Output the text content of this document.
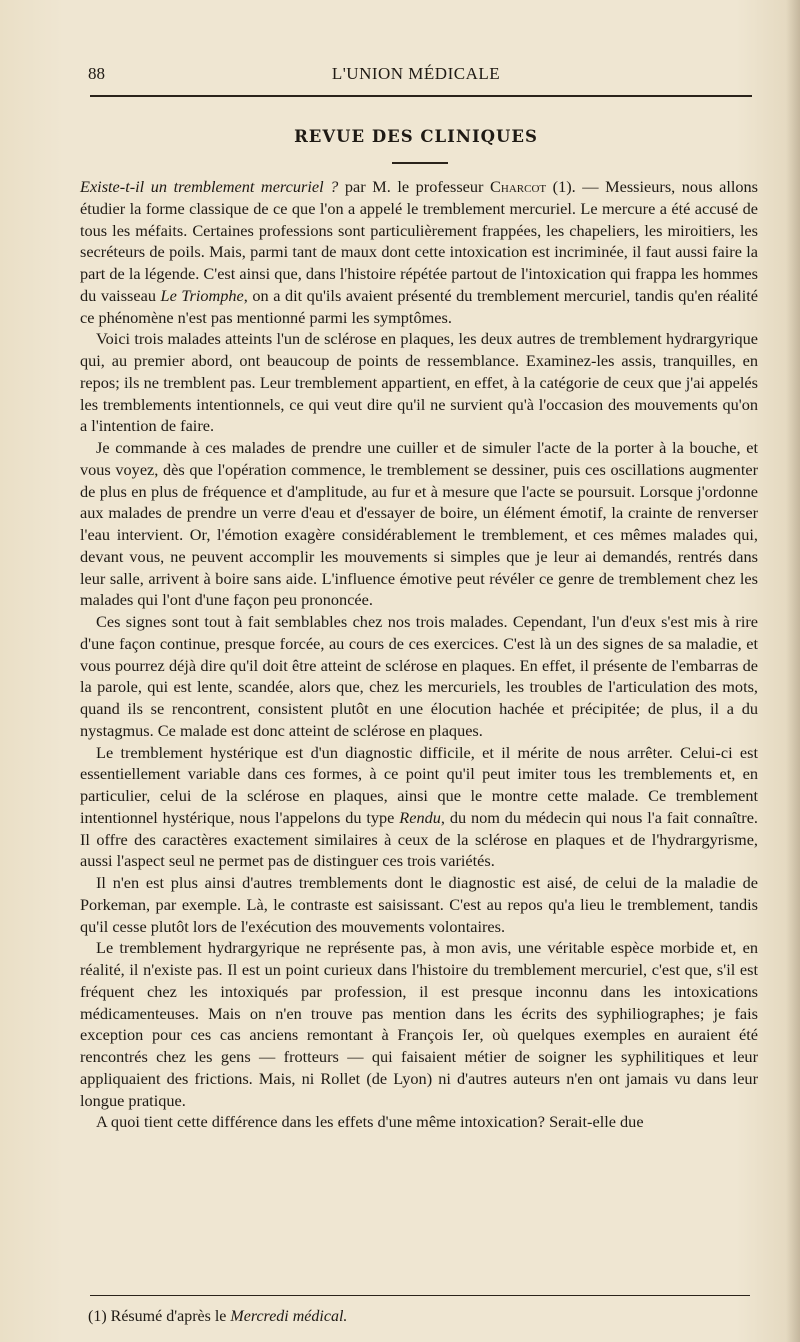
88	L'UNION MÉDICALE
REVUE DES CLINIQUES

Existe-t-il un tremblement mercuriel ? par M. le professeur Charcot (1). — Messieurs, nous allons étudier la forme classique de ce que l'on a appelé le tremblement mercuriel. Le mercure a été accusé de tous les méfaits. Certaines professions sont particulièrement frappées, les chapeliers, les miroitiers, les secréteurs de poils. Mais, parmi tant de maux dont cette intoxication est incriminée, il faut aussi faire la part de la légende. C'est ainsi que, dans l'histoire répétée partout de l'intoxication qui frappa les hommes du vaisseau Le Triomphe, on a dit qu'ils avaient présenté du tremblement mercuriel, tandis qu'en réalité ce phénomène n'est pas mentionné parmi les symptômes.

Voici trois malades atteints l'un de sclérose en plaques, les deux autres de tremblement hydrargyrique qui, au premier abord, ont beaucoup de points de ressemblance. Examinez-les assis, tranquilles, en repos; ils ne tremblent pas. Leur tremblement appartient, en effet, à la catégorie de ceux que j'ai appelés les tremblements intentionnels, ce qui veut dire qu'il ne survient qu'à l'occasion des mouvements qu'on a l'intention de faire.

Je commande à ces malades de prendre une cuiller et de simuler l'acte de la porter à la bouche, et vous voyez, dès que l'opération commence, le tremblement se dessiner, puis ces oscillations augmenter de plus en plus de fréquence et d'amplitude, au fur et à mesure que l'acte se poursuit. Lorsque j'ordonne aux malades de prendre un verre d'eau et d'essayer de boire, un élément émotif, la crainte de renverser l'eau intervient. Or, l'émotion exagère considérablement le tremblement, et ces mêmes malades qui, devant vous, ne peuvent accomplir les mouvements si simples que je leur ai demandés, rentrés dans leur salle, arrivent à boire sans aide. L'influence émotive peut révéler ce genre de tremblement chez les malades qui l'ont d'une façon peu prononcée.

Ces signes sont tout à fait semblables chez nos trois malades. Cependant, l'un d'eux s'est mis à rire d'une façon continue, presque forcée, au cours de ces exercices. C'est là un des signes de sa maladie, et vous pourrez déjà dire qu'il doit être atteint de sclérose en plaques. En effet, il présente de l'embarras de la parole, qui est lente, scandée, alors que, chez les mercuriels, les troubles de l'articulation des mots, quand ils se rencontrent, consistent plutôt en une élocution hachée et précipitée; de plus, il a du nystagmus. Ce malade est donc atteint de sclérose en plaques.

Le tremblement hystérique est d'un diagnostic difficile, et il mérite de nous arrêter. Celui-ci est essentiellement variable dans ces formes, à ce point qu'il peut imiter tous les tremblements et, en particulier, celui de la sclérose en plaques, ainsi que le montre cette malade. Ce tremblement intentionnel hystérique, nous l'appelons du type Rendu, du nom du médecin qui nous l'a fait connaître. Il offre des caractères exactement similaires à ceux de la sclérose en plaques et de l'hydrargyrisme, aussi l'aspect seul ne permet pas de distinguer ces trois variétés.

Il n'en est plus ainsi d'autres tremblements dont le diagnostic est aisé, de celui de la maladie de Porkeman, par exemple. Là, le contraste est saisissant. C'est au repos qu'a lieu le tremblement, tandis qu'il cesse plutôt lors de l'exécution des mouvements volontaires.

Le tremblement hydrargyrique ne représente pas, à mon avis, une véritable espèce morbide et, en réalité, il n'existe pas. Il est un point curieux dans l'histoire du tremblement mercuriel, c'est que, s'il est fréquent chez les intoxiqués par profession, il est presque inconnu dans les intoxications médicamenteuses. Mais on n'en trouve pas mention dans les écrits des syphiliographes; je fais exception pour ces cas anciens remontant à François Ier, où quelques exemples en auraient été rencontrés chez les gens — frotteurs — qui faisaient métier de soigner les syphilitiques et leur appliquaient des frictions. Mais, ni Rollet (de Lyon) ni d'autres auteurs n'en ont jamais vu dans leur longue pratique.

A quoi tient cette différence dans les effets d'une même intoxication? Serait-elle due

(1) Résumé d'après le Mercredi médical.
